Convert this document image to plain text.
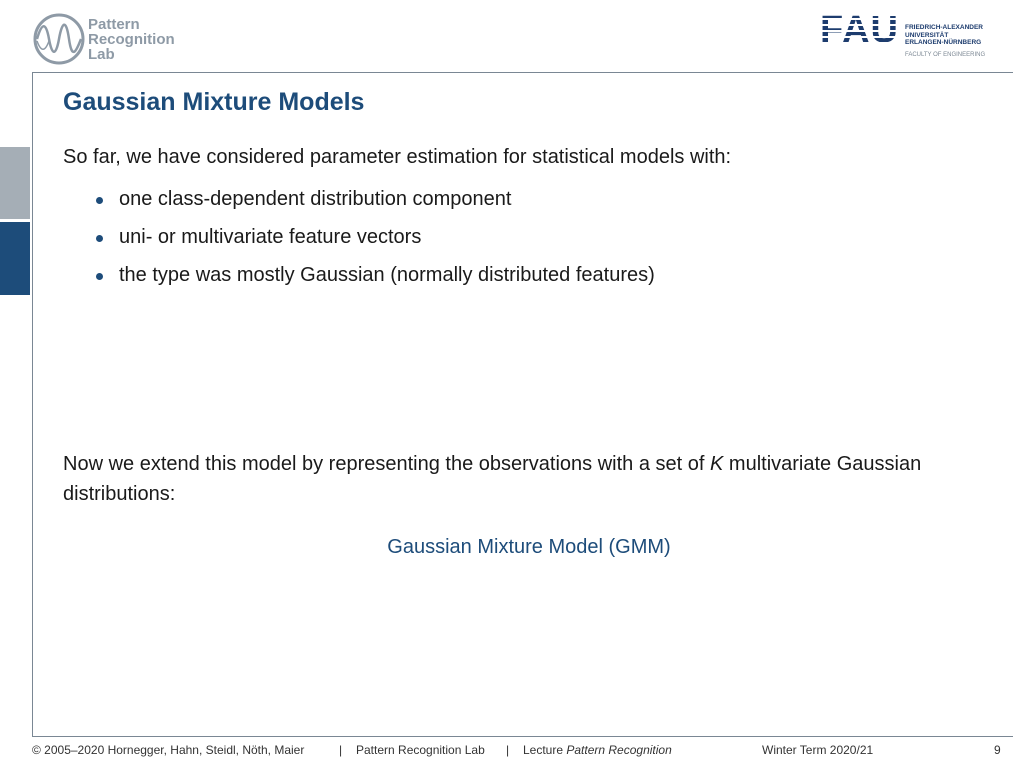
Pattern
Recognition
Lab
FAU FRIEDRICH-ALEXANDER
UNIVERSITÄT
ERLANGEN-NÜRNBERG
FACULTY OF ENGINEERING
Gaussian Mixture Models
So far, we have considered parameter estimation for statistical models with:
one class-dependent distribution component
uni- or multivariate feature vectors
the type was mostly Gaussian (normally distributed features)
Now we extend this model by representing the observations with a set of K multivariate Gaussian distributions:
Gaussian Mixture Model (GMM)
© 2005–2020 Hornegger, Hahn, Steidl, Nöth, Maier	| Pattern Recognition Lab | Lecture Pattern Recognition	Winter Term 2020/21	9
